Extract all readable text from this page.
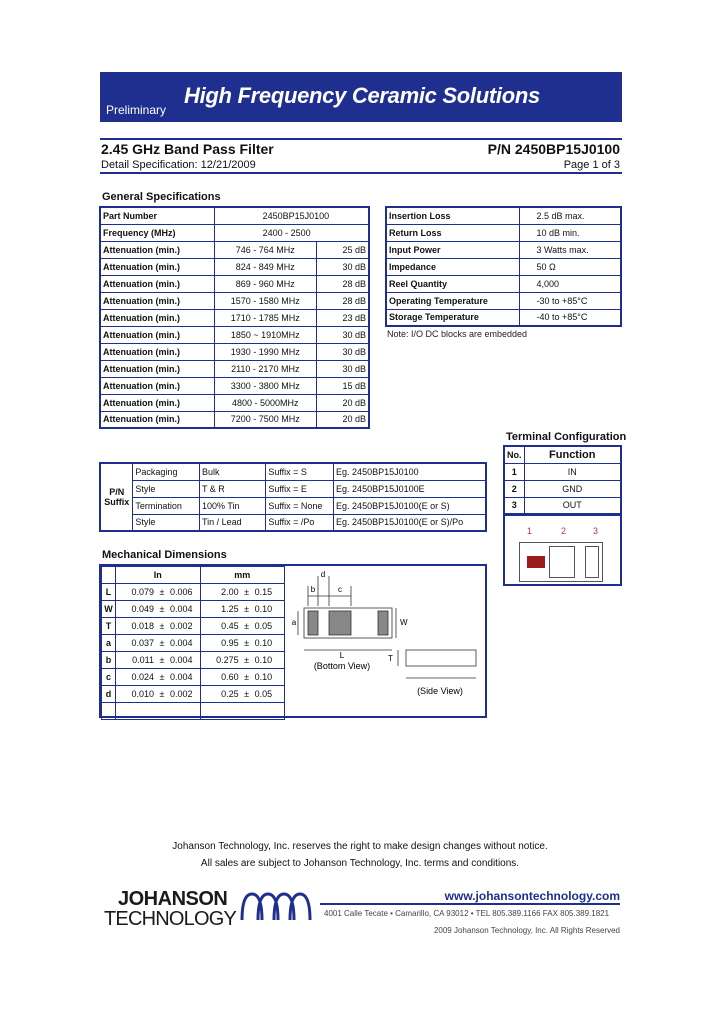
Preliminary
High Frequency Ceramic Solutions
2.45 GHz Band Pass Filter	P/N 2450BP15J0100
Detail Specification: 12/21/2009	Page 1 of 3
General Specifications
Part Number	2450BP15J0100	
Frequency (MHz)	2400 - 2500	
Attenuation (min.)	746 - 764 MHz	25 dB
Attenuation (min.)	824 - 849 MHz	30 dB
Attenuation (min.)	869 - 960 MHz	28 dB
Attenuation (min.)	1570 - 1580 MHz	28 dB
Attenuation (min.)	1710 - 1785 MHz	23 dB
Attenuation (min.)	1850 ~ 1910MHz	30 dB
Attenuation (min.)	1930 - 1990 MHz	30 dB
Attenuation (min.)	2110 - 2170 MHz	30 dB
Attenuation (min.)	3300 - 3800 MHz	15 dB
Attenuation (min.)	4800 - 5000MHz	20 dB
Attenuation (min.)	7200 - 7500 MHz	20 dB
Insertion Loss	2.5 dB max.
Return Loss	10 dB min.
Input Power	3 Watts max.
Impedance	50 Ω
Reel Quantity	4,000
Operating Temperature	-30 to +85°C
Storage Temperature	-40 to +85°C
Note: I/O DC blocks are embedded
Terminal Configuration
No.	Function
1	IN
2	GND
3	OUT
1	2	3
P/N
Suffix	Packaging	Bulk	Suffix = S	Eg. 2450BP15J0100
	Style	T & R	Suffix = E	Eg. 2450BP15J0100E
	Termination	100% Tin	Suffix = None	Eg. 2450BP15J0100(E or S)
	Style	Tin / Lead	Suffix = /Po	Eg. 2450BP15J0100(E or S)/Po
Mechanical Dimensions
	In	mm
L	0.079 ± 0.006	2.00 ± 0.15
W	0.049 ± 0.004	1.25 ± 0.10
T	0.018 ± 0.002	0.45 ± 0.05
a	0.037 ± 0.004	0.95 ± 0.10
b	0.011 ± 0.004	0.275 ± 0.10
c	0.024 ± 0.004	0.60 ± 0.10
d	0.010 ± 0.002	0.25 ± 0.05

d
b	c
a	W
L
(Bottom View)
T
(Side View)
Johanson Technology, Inc. reserves the right to make design changes without notice.
All sales are subject to Johanson Technology, Inc. terms and conditions.
JOHANSON
TECHNOLOGY
www.johansontechnology.com
4001 Calle Tecate • Camarillo, CA 93012 • TEL 805.389.1166 FAX 805.389.1821
2009 Johanson Technology, Inc. All Rights Reserved
